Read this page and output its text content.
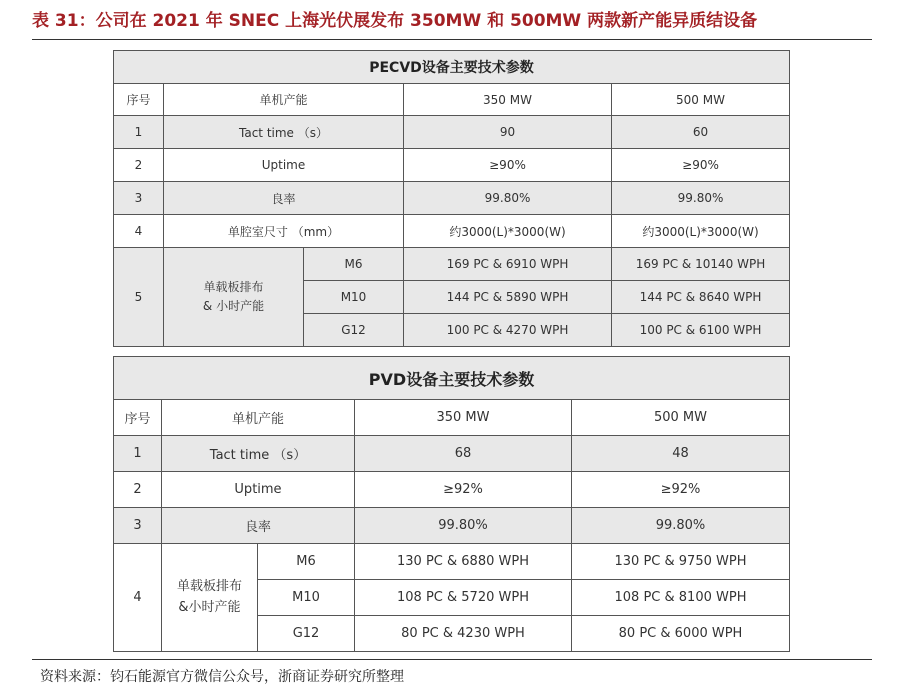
表 31：公司在 2021 年 SNEC 上海光伏展发布 350MW 和 500MW 两款新产能异质结设备
PECVD设备主要技术参数				
序号	单机产能		350 MW	500 MW
1	Tact time （s）		90	60
2	Uptime		≥90%	≥90%
3	良率		99.80%	99.80%
4	单腔室尺寸 （mm）		约3000(L)*3000(W)	约3000(L)*3000(W)
5	单载板排布
& 小时产能	M6	169 PC & 6910 WPH	169 PC & 10140 WPH
		M10	144 PC & 5890 WPH	144 PC & 8640 WPH
		G12	100 PC & 4270 WPH	100 PC & 6100 WPH
PVD设备主要技术参数				
序号	单机产能		350 MW	500 MW
1	Tact time （s）		68	48
2	Uptime		≥92%	≥92%
3	良率		99.80%	99.80%
4	单载板排布
&小时产能	M6	130 PC & 6880 WPH	130 PC & 9750 WPH
		M10	108 PC & 5720 WPH	108 PC & 8100 WPH
		G12	80 PC & 4230 WPH	80 PC & 6000 WPH
资料来源：钧石能源官方微信公众号，浙商证券研究所整理
